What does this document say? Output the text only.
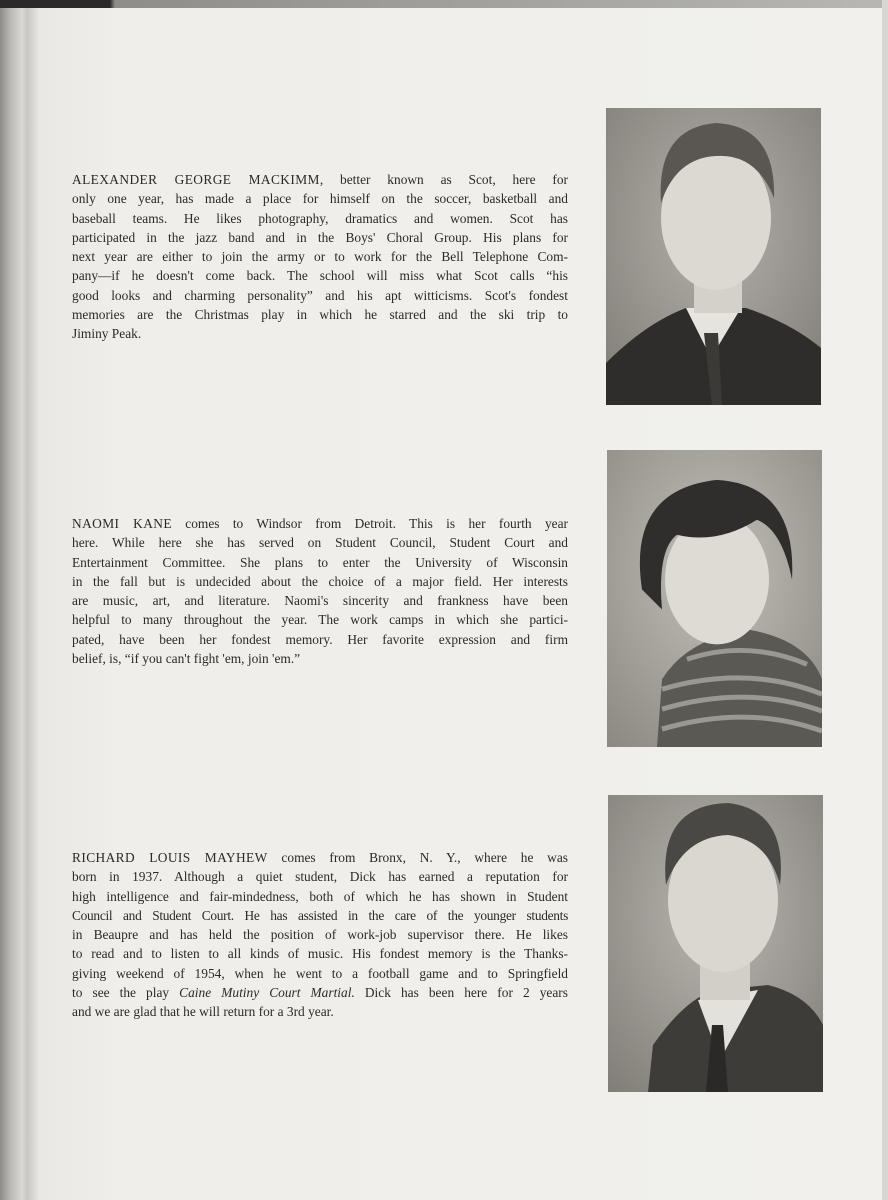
ALEXANDER GEORGE MACKIMM, better known as Scot, here for
only one year, has made a place for himself on the soccer, basketball and
baseball teams. He likes photography, dramatics and women. Scot has
participated in the jazz band and in the Boys' Choral Group. His plans for
next year are either to join the army or to work for the Bell Telephone Com-
pany—if he doesn't come back. The school will miss what Scot calls “his
good looks and charming personality” and his apt witticisms. Scot's fondest
memories are the Christmas play in which he starred and the ski trip to
Jiminy Peak.
NAOMI KANE comes to Windsor from Detroit. This is her fourth year
here. While here she has served on Student Council, Student Court and
Entertainment Committee. She plans to enter the University of Wisconsin
in the fall but is undecided about the choice of a major field. Her interests
are music, art, and literature. Naomi's sincerity and frankness have been
helpful to many throughout the year. The work camps in which she partici-
pated, have been her fondest memory. Her favorite expression and firm
belief, is, “if you can't fight 'em, join 'em.”
RICHARD LOUIS MAYHEW comes from Bronx, N. Y., where he was
born in 1937. Although a quiet student, Dick has earned a reputation for
high intelligence and fair-mindedness, both of which he has shown in Student
Council and Student Court. He has assisted in the care of the younger students
in Beaupre and has held the position of work-job supervisor there. He likes
to read and to listen to all kinds of music. His fondest memory is the Thanks-
giving weekend of 1954, when he went to a football game and to Springfield
to see the play Caine Mutiny Court Martial. Dick has been here for 2 years
and we are glad that he will return for a 3rd year.
